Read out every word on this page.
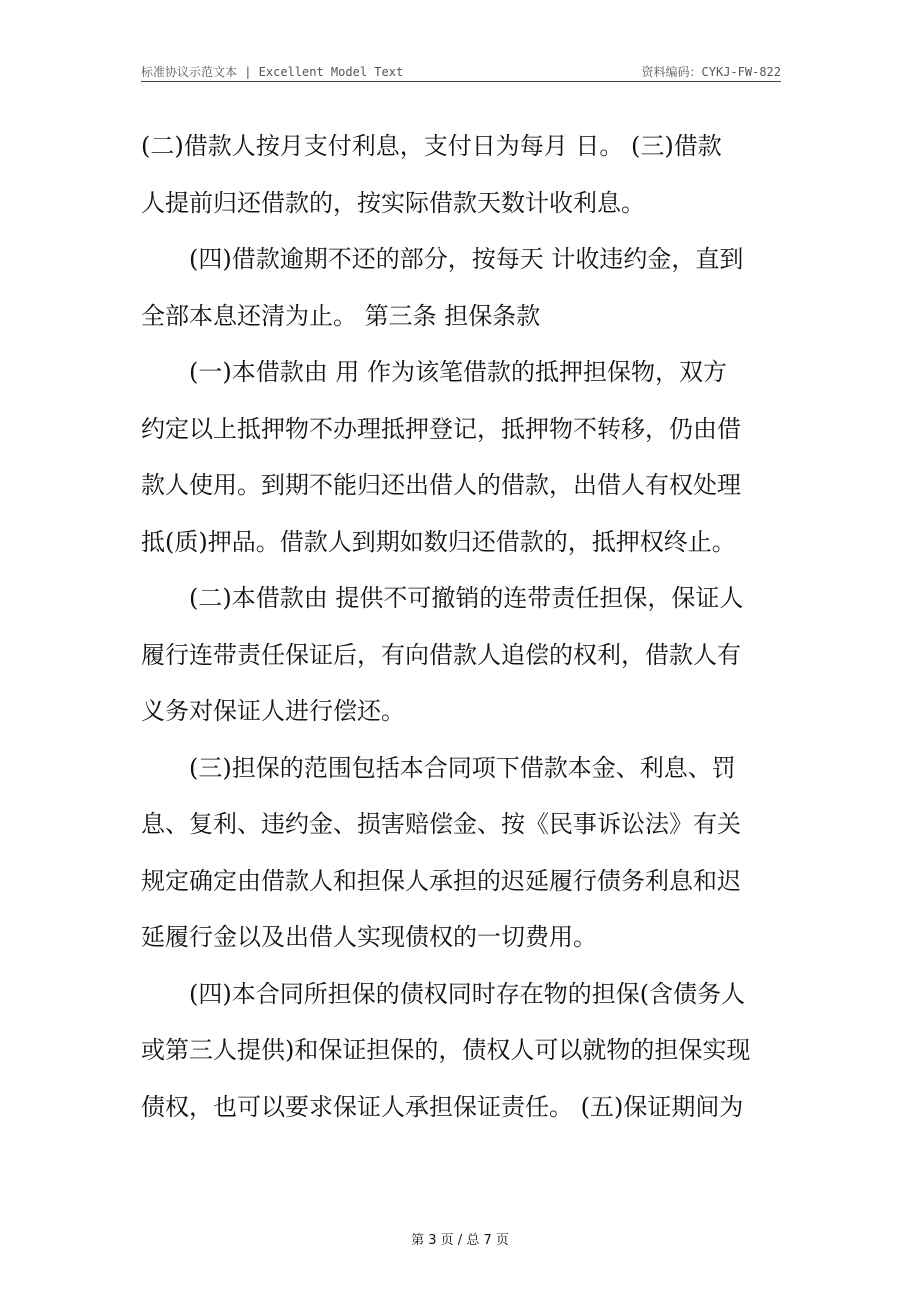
标准协议示范文本 | Excellent Model Text	资料编码：CYKJ-FW-822
(二)借款人按月支付利息，支付日为每月 日。 (三)借款
人提前归还借款的，按实际借款天数计收利息。
(四)借款逾期不还的部分，按每天 计收违约金，直到
全部本息还清为止。 第三条 担保条款
(一)本借款由 用 作为该笔借款的抵押担保物，双方
约定以上抵押物不办理抵押登记，抵押物不转移，仍由借
款人使用。到期不能归还出借人的借款，出借人有权处理
抵(质)押品。借款人到期如数归还借款的，抵押权终止。
(二)本借款由 提供不可撤销的连带责任担保，保证人
履行连带责任保证后，有向借款人追偿的权利，借款人有
义务对保证人进行偿还。
(三)担保的范围包括本合同项下借款本金、利息、罚
息、复利、违约金、损害赔偿金、按《民事诉讼法》有关
规定确定由借款人和担保人承担的迟延履行债务利息和迟
延履行金以及出借人实现债权的一切费用。
(四)本合同所担保的债权同时存在物的担保(含债务人
或第三人提供)和保证担保的，债权人可以就物的担保实现
债权，也可以要求保证人承担保证责任。 (五)保证期间为
第 3 页 / 总 7 页
